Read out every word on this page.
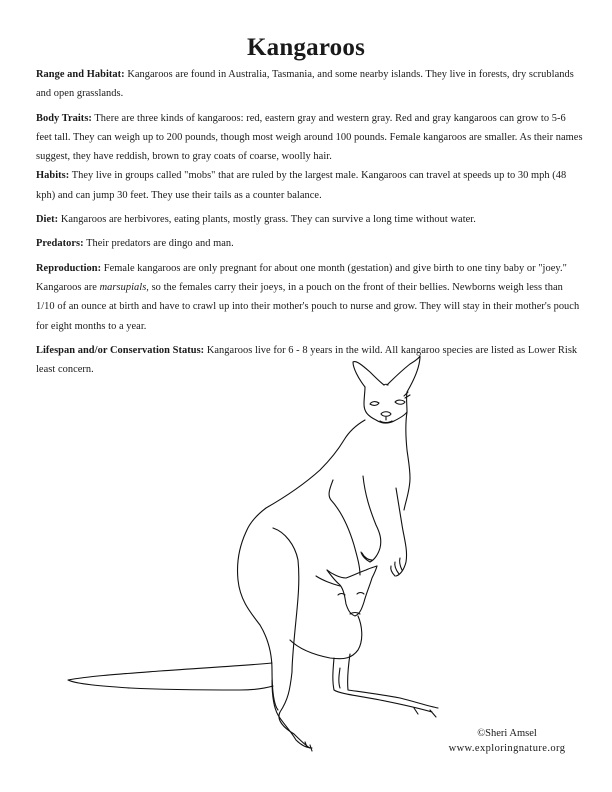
Kangaroos

Range and Habitat: Kangaroos are found in Australia, Tasmania, and some nearby islands. They live in forests, dry scrublands and open grasslands.

Body Traits: There are three kinds of kangaroos: red, eastern gray and western gray. Red and gray kangaroos can grow to 5-6 feet tall. They can weigh up to 200 pounds, though most weigh around 100 pounds. Female kangaroos are smaller. As their names suggest, they have reddish, brown to gray coats of coarse, woolly hair.

Habits: They live in groups called "mobs" that are ruled by the largest male. Kangaroos can travel at speeds up to 30 mph (48 kph) and can jump 30 feet. They use their tails as a counter balance.

Diet: Kangaroos are herbivores, eating plants, mostly grass. They can survive a long time without water.

Predators: Their predators are dingo and man.

Reproduction: Female kangaroos are only pregnant for about one month (gestation) and give birth to one tiny baby or "joey." Kangaroos are marsupials, so the females carry their joeys, in a pouch on the front of their bellies. Newborns weigh less than 1/10 of an ounce at birth and have to crawl up into their mother's pouch to nurse and grow. They will stay in their mother's pouch for eight months to a year.

Lifespan and/or Conservation Status: Kangaroos live for 6 - 8 years in the wild. All kangaroo species are listed as Lower Risk least concern.

©Sheri Amsel
www.exploringnature.org
